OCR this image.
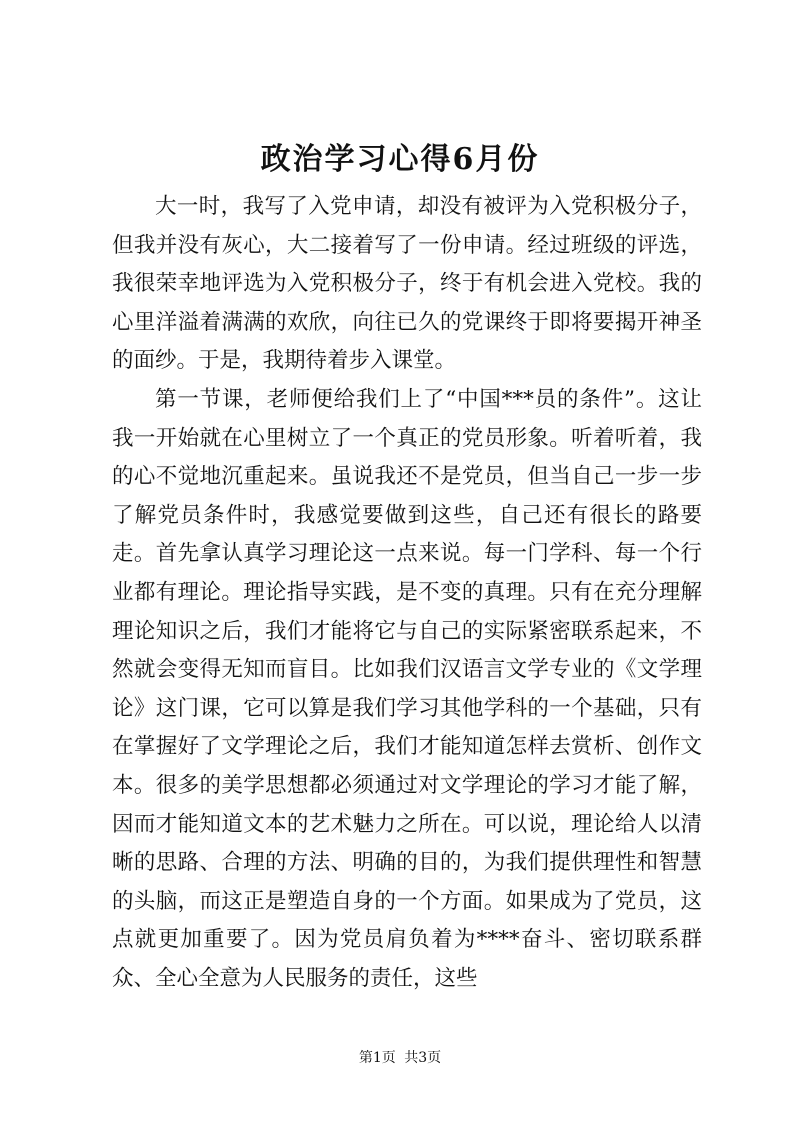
政治学习心得6月份

大一时，我写了入党申请，却没有被评为入党积极分子，但我并没有灰心，大二接着写了一份申请。经过班级的评选，我很荣幸地评选为入党积极分子，终于有机会进入党校。我的心里洋溢着满满的欢欣，向往已久的党课终于即将要揭开神圣的面纱。于是，我期待着步入课堂。

第一节课，老师便给我们上了“中国***员的条件”。这让我一开始就在心里树立了一个真正的党员形象。听着听着，我的心不觉地沉重起来。虽说我还不是党员，但当自己一步一步了解党员条件时，我感觉要做到这些，自己还有很长的路要走。首先拿认真学习理论这一点来说。每一门学科、每一个行业都有理论。理论指导实践，是不变的真理。只有在充分理解理论知识之后，我们才能将它与自己的实际紧密联系起来，不然就会变得无知而盲目。比如我们汉语言文学专业的《文学理论》这门课，它可以算是我们学习其他学科的一个基础，只有在掌握好了文学理论之后，我们才能知道怎样去赏析、创作文本。很多的美学思想都必须通过对文学理论的学习才能了解，因而才能知道文本的艺术魅力之所在。可以说，理论给人以清晰的思路、合理的方法、明确的目的，为我们提供理性和智慧的头脑，而这正是塑造自身的一个方面。如果成为了党员，这点就更加重要了。因为党员肩负着为****奋斗、密切联系群众、全心全意为人民服务的责任，这些

第1页 共3页
